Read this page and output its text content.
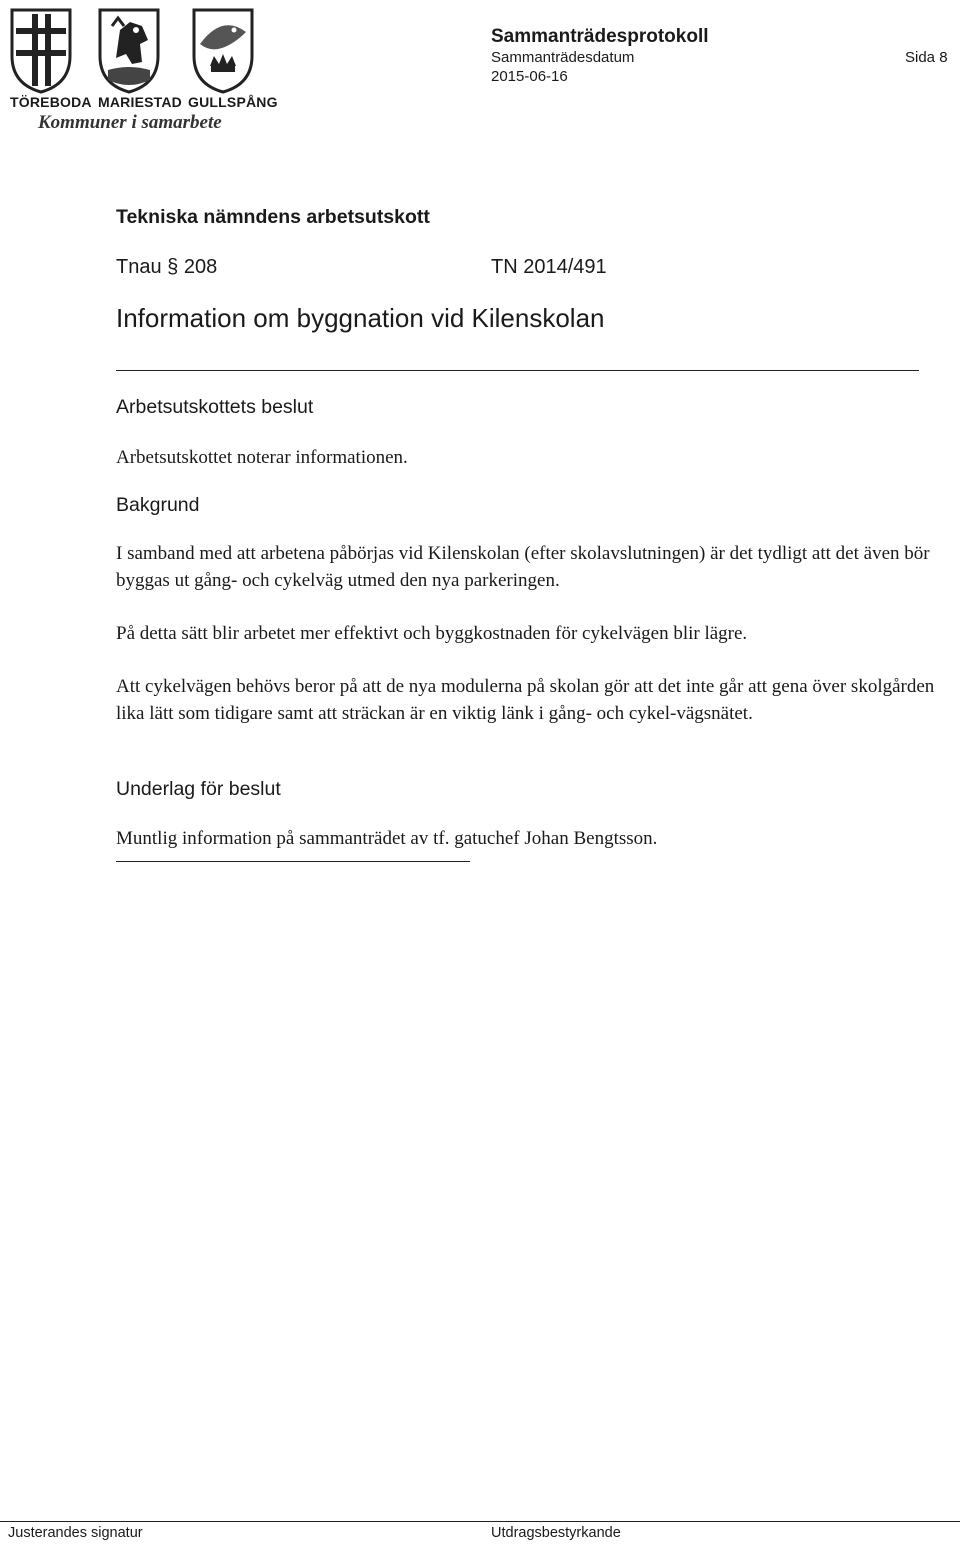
TÖREBODA MARIESTAD GULLSPÅNG
Kommuner i samarbete
Sammanträdesprotokoll
Sammanträdesdatum
2015-06-16
Sida 8
Tekniska nämndens arbetsutskott
Tnau § 208	TN 2014/491
Information om byggnation vid Kilenskolan
Arbetsutskottets beslut
Arbetsutskottet noterar informationen.
Bakgrund
I samband med att arbetena påbörjas vid Kilenskolan (efter skolavslutningen) är det tydligt att det även bör byggas ut gång- och cykelväg utmed den nya parkeringen.
På detta sätt blir arbetet mer effektivt och byggkostnaden för cykelvägen blir lägre.
Att cykelvägen behövs beror på att de nya modulerna på skolan gör att det inte går att gena över skolgården lika lätt som tidigare samt att sträckan är en viktig länk i gång- och cykel-vägsnätet.
Underlag för beslut
Muntlig information på sammanträdet av tf. gatuchef Johan Bengtsson.
Justerandes signatur	Utdragsbestyrkande
